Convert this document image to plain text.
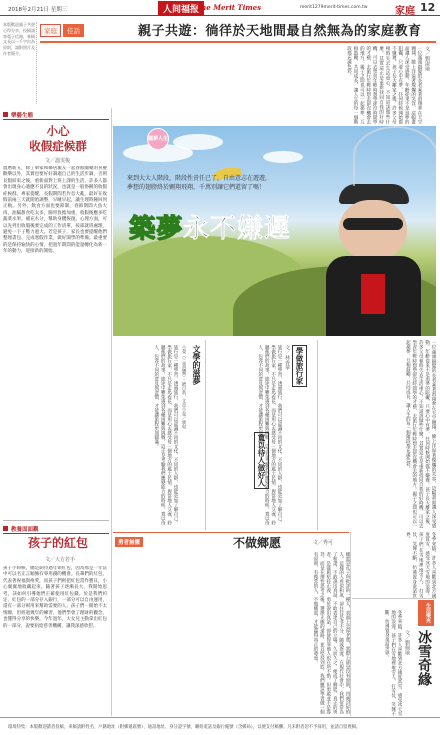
2018年2月21日 星期三	人间福报
The Merit Times	merit1279merit-times.com.tw	家庭 12
本版歡迎親子共遊心得分享，投稿請寄電子信箱，來稿文長以一千字內為原則，請附照片及作者簡介。
家庭	佳話	親子共遊：徜徉於天地間最自然無為的家庭教育
文／劉淑瑜
一位滿頭銀髮的長者乘著滑翔傘在天空翱翔，臉上洋溢著燦爛的笑容，這幅畫面讓人深受感動。年齡從來不是追夢的阻礙，只要心中有夢，任何時候開始都不嫌遲。孩子長大離家之後，許多父母頓時失去生活重心，不知道該做些什麼。其實這正是重新找回自我的好時機，可以去學習年輕時想學卻沒時間學的才藝，去旅行年輕時想去卻沒機會去的地方。親子之間也可以一起築夢，互相鼓勵，共同成長，讓人生的每一個階段都充滿色彩。
樂藝生態
小心
收假症候群
文／溫雯俊
農曆新五，除了舉家和鄰居親友一起春節團聚的喜慶歡樂以外，其實也要好好調適自己的生活步調，否則長假結束之後，重新面對上班上課的生活，許多人都會出現身心適應不良的狀況，也就是一般俗稱的收假症候群。專家提醒，長假期間若作息大亂，最好在收假前兩三天就開始調整，早睡早起，讓生理時鐘回到正軌。另外，飲食方面也要節制，春節期間大魚大肉，油膩甜食吃太多，腸胃負擔加重，收假後應多吃蔬菜水果，補充水分，幫助身體恢復。心理方面，可以先列出收假後要完成的工作清單，按部就班處理，避免一下子壓力過大。若是孩子，家長也要提醒他們整理書包、完成寒假作業，做好開學的準備。最重要的是保持愉快的心情，把過年期間的能量轉化為新一年的動力，迎接新的開始。
教養面面觀
孩子的紅包
文／大方若手
孩子小時候，總是期待過年領紅包，因為那是一年當中可以名正言順擁有零用錢的機會。長輩們的紅包，代表著祝福與疼愛，而孩子們則把紅包當作寶貝，小心翼翼地收藏起來。隨著孩子逐漸長大，我開始思考，該如何引導他們正確使用紅包錢。於是我們約定，紅包的一部分存入銀行，一部分可以自由運用，還有一部分則用來幫助需要的人。孩子們一開始不太情願，但經過幾年的練習，他們學會了理財的觀念，也懂得分享的快樂。今年過年，大女兒主動拿出紅包的一部分，說要捐給慈善機構，讓我深感欣慰。
圓夢人生
來到大大人階段，階段性責任已了，自由意志在遊遊，
夢想的翅膀終於翱翔飛翔，千萬別讓它們還留了嗎！
築夢永不嫌遲
一位滿頭銀髮的長者乘著滑翔傘在天空翱翔，臉上洋溢著燦爛的笑容，這幅畫面讓人深受感動。年齡從來不是追夢的阻礙，只要心中有夢，任何時候開始都不嫌遲。孩子長大離家之後，許多父母頓時失去生活重心，不知道該做些什麼。其實這正是重新找回自我的好時機，可以去學習年輕時想學卻沒時間學的才藝，去旅行年輕時想去卻沒機會去的地方。親子之間也可以一起築夢，互相鼓勵，共同成長，讓人生的每一個階段都充滿色彩。
學做旅行家
文／林香華
旅行是一種學習，透過旅行，我們可以認識不同的文化、不同的人群，也能更加了解自己。學做旅行家，不只是走馬看花，而是用心去感受每一個地方的風土民情，與當地人交流，聆聽他們的故事。旅途中難免遇到各種困難與挑戰，這正是考驗我們應變能力的時候。寬以待人，包容不同的意見與習慣，才能讓旅程更加圓滿。
寬以待人做好人
文學的滋夢
小曼（三義溫馨）・繪自新，文章小曼／廣和
旅行是一種學習，透過旅行，我們可以認識不同的文化、不同的人群，也能更加了解自己。學做旅行家，不只是走馬看花，而是用心去感受每一個地方的風土民情，與當地人交流，聆聽他們的故事。旅途中難免遇到各種困難與挑戰，這正是考驗我們應變能力的時候。寬以待人，包容不同的意見與習慣，才能讓旅程更加圓滿。
勇者無懼	不做鄉愿	文／秀可
鄉愿是孔子所批評的一種人，表面上忠厚老實，實際上卻是沒有原則、四處討好的人。這樣的人看似和氣，卻往往是非不分，隨波逐流。在現代社會中，我們常常為了和諧，不敢說出真話，不敢表達自己的立場，久而久之，便成了鄉愿。真正的勇者，是能夠堅持正義，勇於說出真話，即使得罪他人也在所不惜。但勇敢並不是魯莽，而是在理性思考之後，選擇正確的道路，並且堅持到底。我們應該學習做一個有原則、有擔當的人，不做鄉愿，才能贏得真正的尊重。	冬季來臨，許多人喜歡到北方國度賞雪，感受冰天雪地的浪漫。孩子們在雪地裡堆雪人、打雪仗，笑聲不斷，彷彿置身童話世界。
生活樂夾
冰雪奇緣
文／劉佩瑜
冬季來臨，許多人喜歡到北方國度賞雪，感受冰天雪地的浪漫。孩子們在雪地裡堆雪人、打雪仗，笑聲不斷，彷彿置身童話世界。
環境特集：本版歡迎讀者投稿，來稿請附姓名、戶籍地址（附郵遞區號）、通訊地址、身分證字號、聯絡電話及銀行帳號（含郵局），以便支付稿酬。凡未附者恕不予採用，並請自留底稿。
